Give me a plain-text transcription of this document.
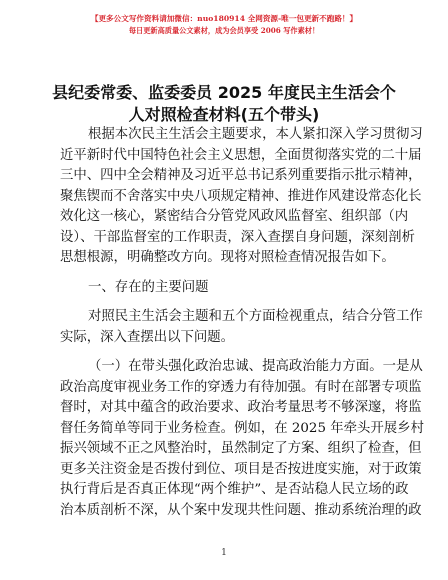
【更多公文写作资料请加微信：nuo180914 全网资源-唯一包更新不跑路！】
每日更新高质量公文素材，成为会员享受 2006 写作素材！
县纪委常委、监委委员 2025 年度民主生活会个
人对照检查材料(五个带头)
根据本次民主生活会主题要求，本人紧扣深入学习贯彻习
近平新时代中国特色社会主义思想，全面贯彻落实党的二十届
三中、四中全会精神及习近平总书记系列重要指示批示精神，
聚焦锲而不舍落实中央八项规定精神、推进作风建设常态化长
效化这一核心，紧密结合分管党风政风监督室、组织部（内
设）、干部监督室的工作职责，深入查摆自身问题，深刻剖析
思想根源，明确整改方向。现将对照检查情况报告如下。
一、存在的主要问题
对照民主生活会主题和五个方面检视重点，结合分管工作
实际，深入查摆出以下问题。
（一）在带头强化政治忠诚、提高政治能力方面。一是从
政治高度审视业务工作的穿透力有待加强。有时在部署专项监
督时，对其中蕴含的政治要求、政治考量思考不够深邃，将监
督任务简单等同于业务检查。例如，在 2025 年牵头开展乡村
振兴领域不正之风整治时，虽然制定了方案、组织了检查，但
更多关注资金是否拨付到位、项目是否按进度实施，对于政策
执行背后是否真正体现“两个维护”、是否站稳人民立场的政
治本质剖析不深，从个案中发现共性问题、推动系统治理的政
1
